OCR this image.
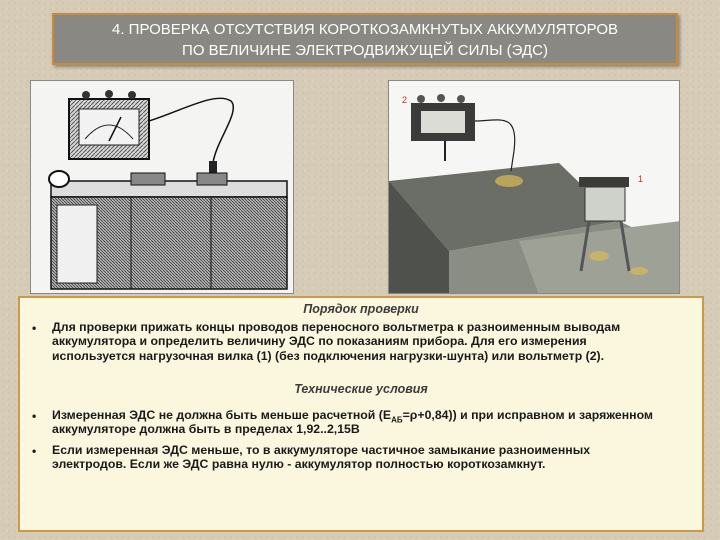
4. ПРОВЕРКА ОТСУТСТВИЯ КОРОТКОЗАМКНУТЫХ АККУМУЛЯТОРОВ
ПО ВЕЛИЧИНЕ ЭЛЕКТРОДВИЖУЩЕЙ СИЛЫ (ЭДС)
2
1
Порядок проверки
•	Для проверки прижать концы проводов переносного вольтметра к разноименным выводам аккумулятора и определить величину ЭДС по показаниям прибора. Для его измерения используется нагрузочная вилка (1) (без подключения нагрузки-шунта) или вольтметр (2).
Технические условия
•	Измеренная ЭДС не должна быть меньше расчетной $(E_{АБ}=\rho+0,84)$) и при исправном и заряженном аккумуляторе должна быть в пределах 1,92..2,15В
•	Если измеренная ЭДС меньше, то в аккумуляторе частичное замыкание разноименных электродов. Если же ЭДС равна нулю - аккумулятор полностью короткозамкнут.
